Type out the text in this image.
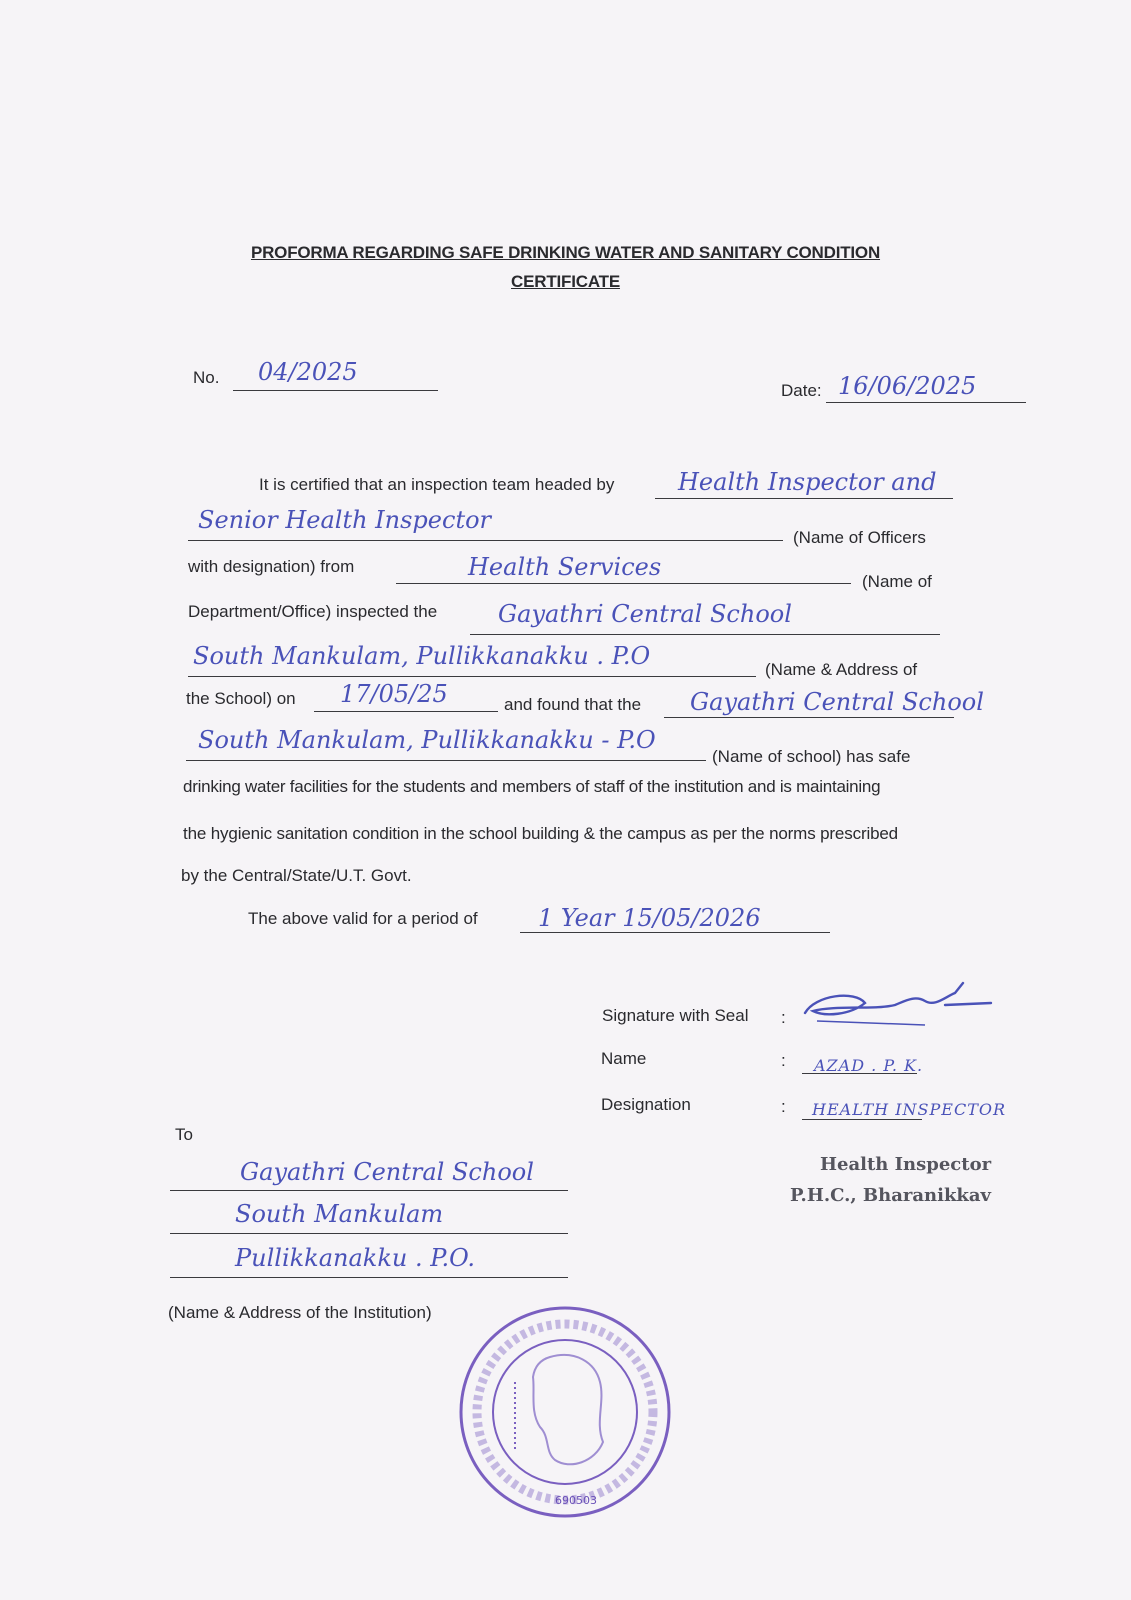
PROFORMA REGARDING SAFE DRINKING WATER AND SANITARY CONDITION
CERTIFICATE
No. 04/2025
Date: 16/06/2025
It is certified that an inspection team headed by	Health Inspector and
Senior Health Inspector
(Name of Officers
with designation) from	Health Services
(Name of
Department/Office) inspected the	Gayathri Central School
South Mankulam, Pullikkanakku . P.O	(Name & Address of
the School) on 17/05/25	and found that the Gayathri Central School
South Mankulam, Pullikkanakku - P.O
(Name of school) has safe
drinking water facilities for the students and members of staff of the institution and is maintaining
the hygienic sanitation condition in the school building & the campus as per the norms prescribed
by the Central/State/U.T. Govt.
The above valid for a period of	1 Year 15/05/2026
Signature with Seal :
Name	: AZAD . P. K.
Designation	: HEALTH INSPECTOR
Health Inspector
P.H.C., Bharanikkav
To
Gayathri Central School
South Mankulam
Pullikkanakku . P.O.
(Name & Address of the Institution)
690503
